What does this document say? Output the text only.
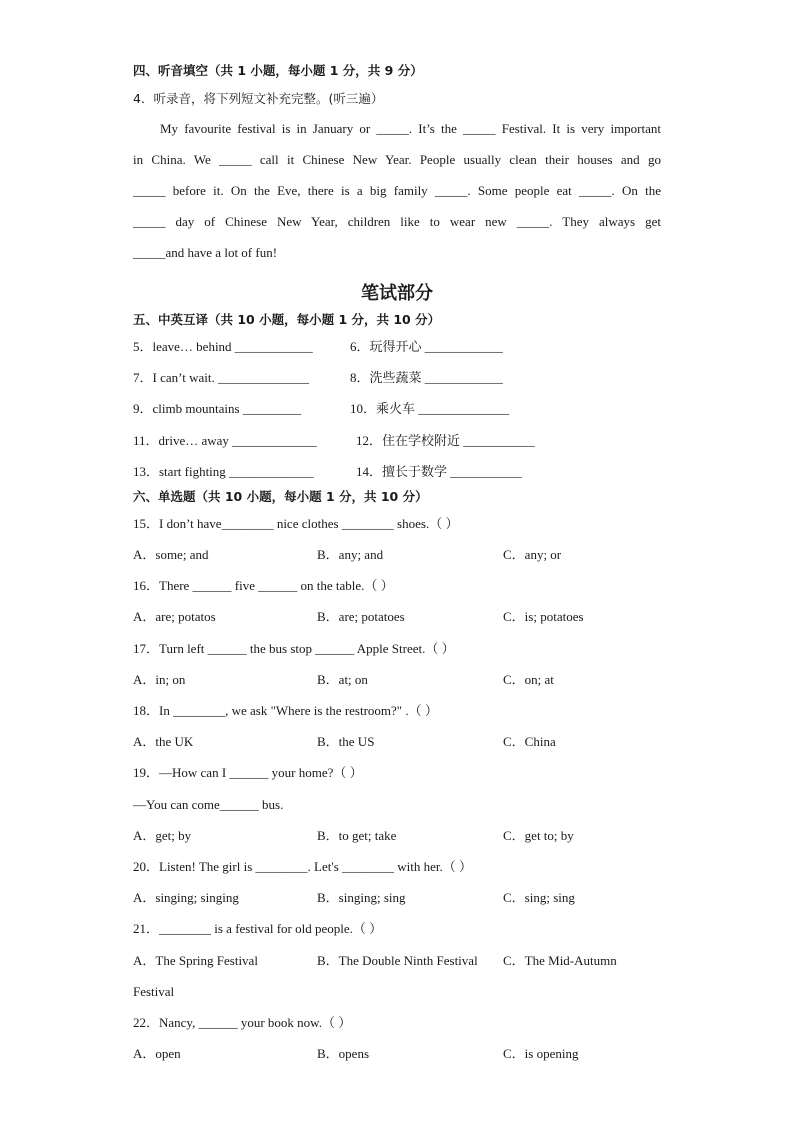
四、听音填空（共 1 小题，每小题 1 分，共 9 分）
4．听录音，将下列短文补充完整。(听三遍）
My favourite festival is in January or _____. It’s the _____ Festival. It is very important
in China. We _____ call it Chinese New Year. People usually clean their houses and go
_____ before it. On the Eve, there is a big family _____. Some people eat _____. On the
_____ day of Chinese New Year, children like to wear new _____. They always get
_____and have a lot of fun!
笔试部分
五、中英互译（共 10 小题，每小题 1 分，共 10 分）
5．leave… behind ____________	6．玩得开心 ____________
7．I can’t wait. ______________	8．洗些蔬菜 ____________
9．climb mountains _________	10．乘火车 ______________
11．drive… away _____________	12．住在学校附近 ___________
13．start fighting _____________	14．擅长于数学 ___________
六、单选题（共 10 小题，每小题 1 分，共 10 分）
15．I don’t have________ nice clothes ________ shoes.（ ）
A．some; and	B．any; and	C．any; or
16．There ______ five ______ on the table.（ ）
A．are; potatos	B．are; potatoes	C．is; potatoes
17．Turn left ______ the bus stop ______ Apple Street.（ ）
A．in; on	B．at; on	C．on; at
18．In ________, we ask "Where is the restroom?" .（ ）
A．the UK	B．the US	C．China
19．—How can I ______ your home?（ ）
—You can come______ bus.
A．get; by	B．to get; take	C．get to; by
20．Listen! The girl is ________. Let's ________ with her.（ ）
A．singing; singing	B．singing; sing	C．sing; sing
21．________ is a festival for old people.（ ）
A．The Spring Festival	B．The Double Ninth Festival C．The Mid-Autumn
Festival
22．Nancy, ______ your book now.（ ）
A．open	B．opens	C．is opening
